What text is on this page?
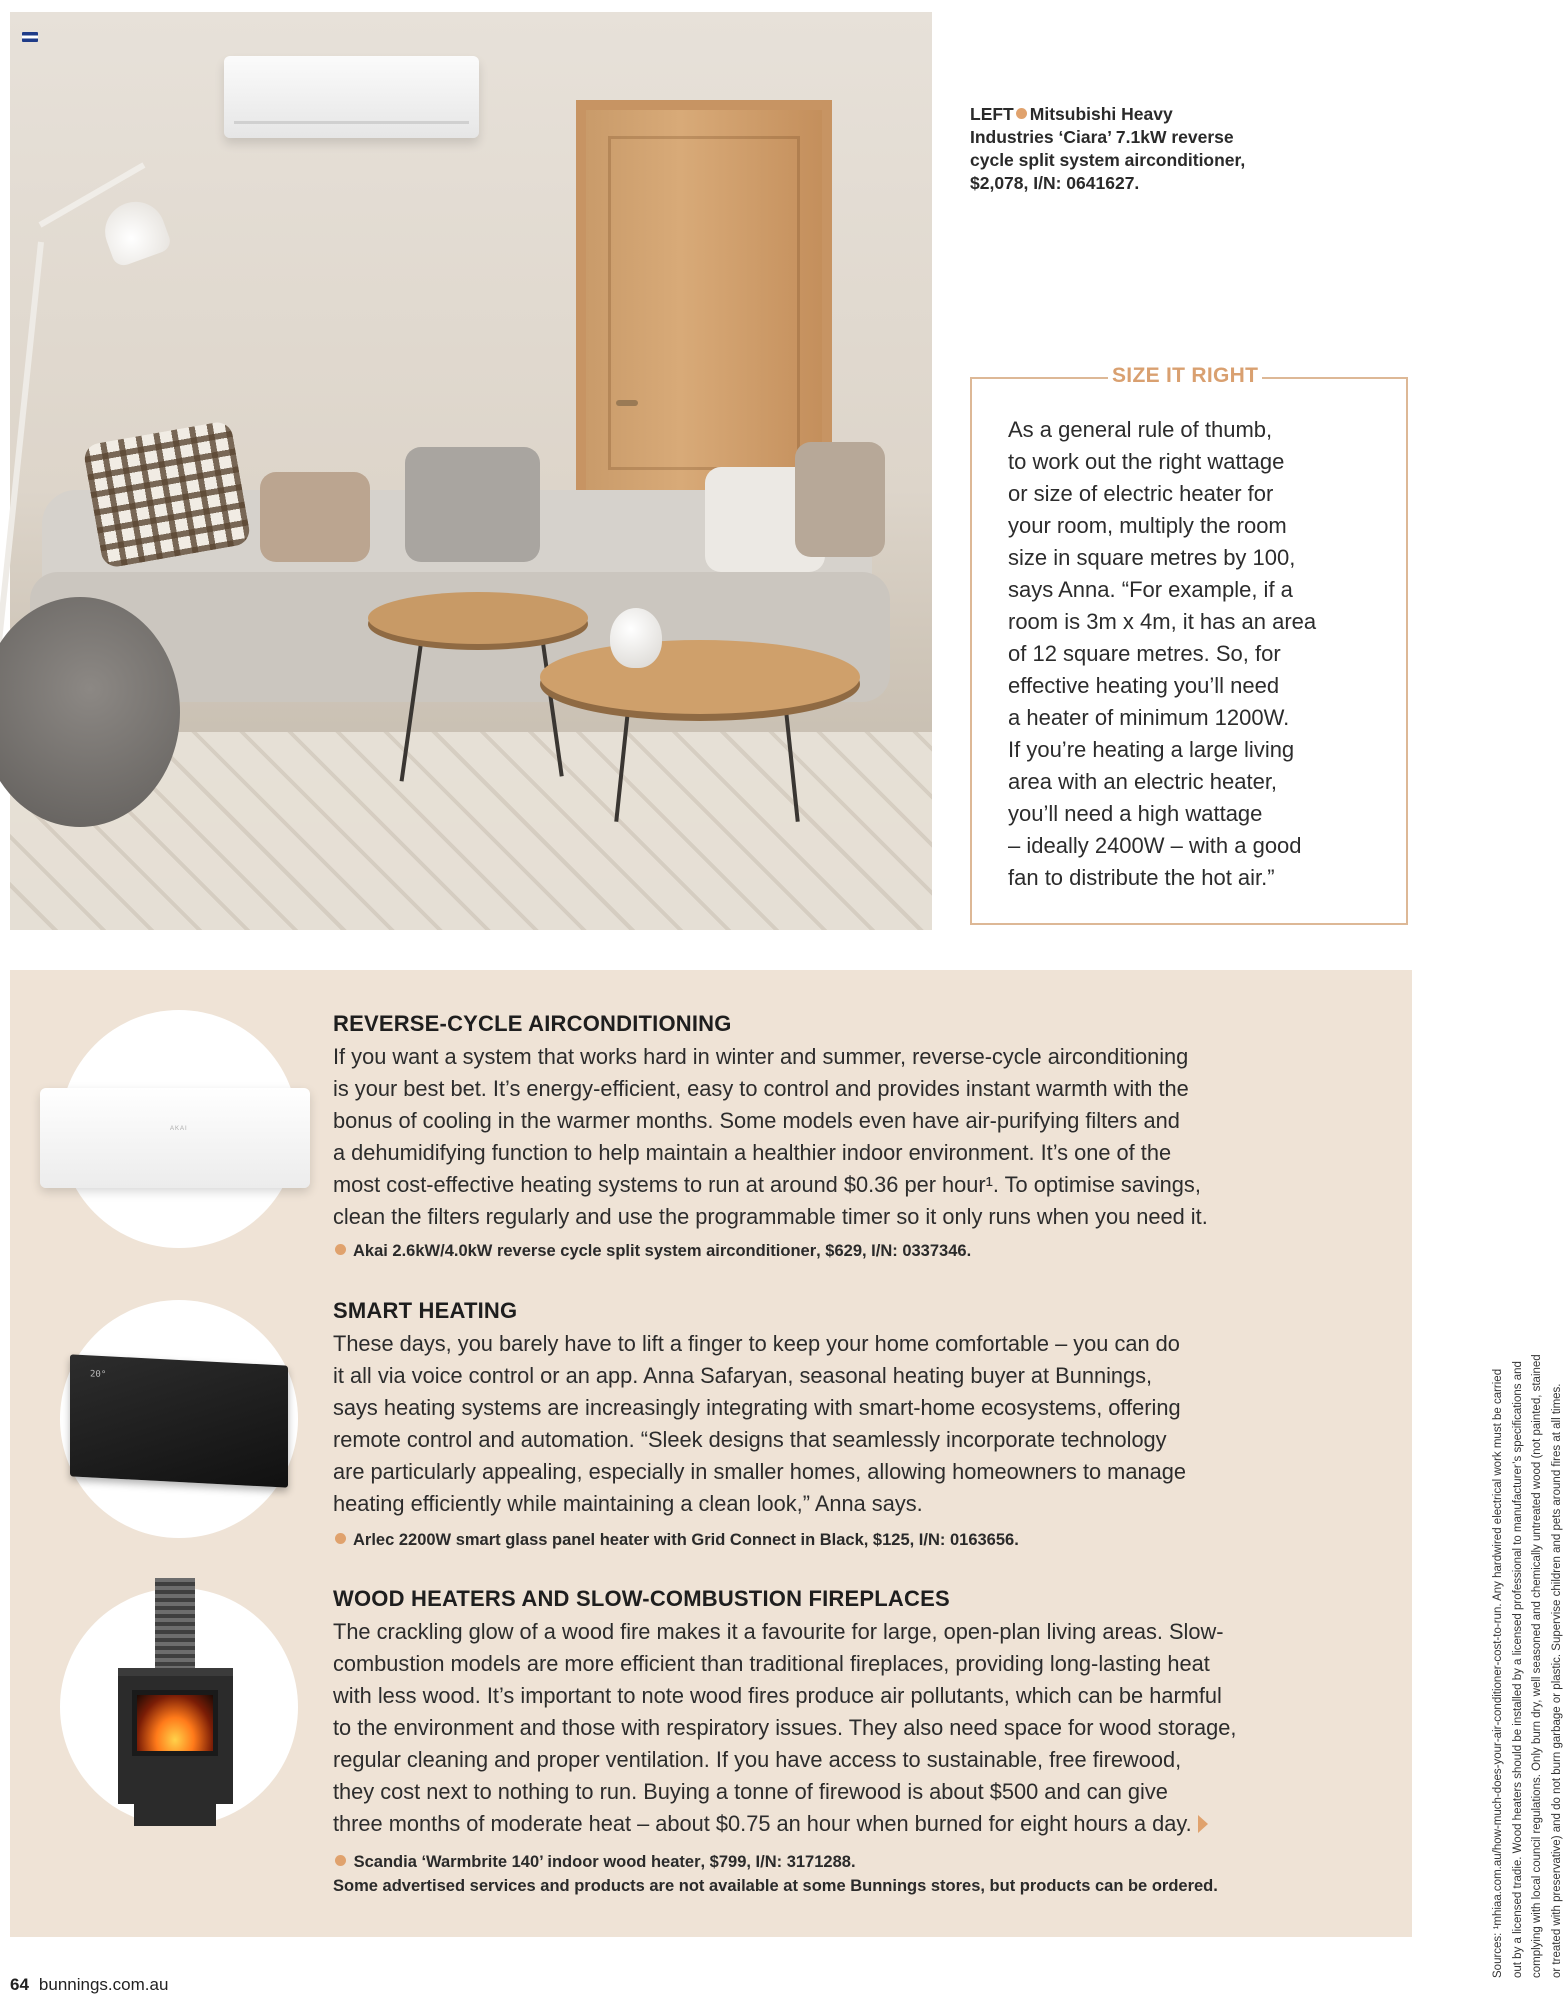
LEFT Mitsubishi Heavy
Industries ‘Ciara’ 7.1kW reverse
cycle split system airconditioner,
$2,078, I/N: 0641627.
SIZE IT RIGHT
As a general rule of thumb,
to work out the right wattage
or size of electric heater for
your room, multiply the room
size in square metres by 100,
says Anna. “For example, if a
room is 3m x 4m, it has an area
of 12 square metres. So, for
effective heating you’ll need
a heater of minimum 1200W.
If you’re heating a large living
area with an electric heater,
you’ll need a high wattage
– ideally 2400W – with a good
fan to distribute the hot air.”
AKAI
20°
REVERSE-CYCLE AIRCONDITIONING
If you want a system that works hard in winter and summer, reverse-cycle airconditioning
is your best bet. It’s energy-efficient, easy to control and provides instant warmth with the
bonus of cooling in the warmer months. Some models even have air-purifying filters and
a dehumidifying function to help maintain a healthier indoor environment. It’s one of the
most cost-effective heating systems to run at around $0.36 per hour¹. To optimise savings,
clean the filters regularly and use the programmable timer so it only runs when you need it.
Akai 2.6kW/4.0kW reverse cycle split system airconditioner, $629, I/N: 0337346.
SMART HEATING
These days, you barely have to lift a finger to keep your home comfortable – you can do
it all via voice control or an app. Anna Safaryan, seasonal heating buyer at Bunnings,
says heating systems are increasingly integrating with smart-home ecosystems, offering
remote control and automation. “Sleek designs that seamlessly incorporate technology
are particularly appealing, especially in smaller homes, allowing homeowners to manage
heating efficiently while maintaining a clean look,” Anna says.
Arlec 2200W smart glass panel heater with Grid Connect in Black, $125, I/N: 0163656.
WOOD HEATERS AND SLOW-COMBUSTION FIREPLACES
The crackling glow of a wood fire makes it a favourite for large, open-plan living areas. Slow-
combustion models are more efficient than traditional fireplaces, providing long-lasting heat
with less wood. It’s important to note wood fires produce air pollutants, which can be harmful
to the environment and those with respiratory issues. They also need space for wood storage,
regular cleaning and proper ventilation. If you have access to sustainable, free firewood,
they cost next to nothing to run. Buying a tonne of firewood is about $500 and can give
three months of moderate heat – about $0.75 an hour when burned for eight hours a day.
Scandia ‘Warmbrite 140’ indoor wood heater, $799, I/N: 3171288.
Some advertised services and products are not available at some Bunnings stores, but products can be ordered.	Sources: ¹mhiaa.com.au/how-much-does-your-air-conditioner-cost-to-run. Any hardwired electrical work must be carried out by a licensed tradie. Wood heaters should be installed by a licensed professional to manufacturer’s specifications and complying with local council regulations. Only burn dry, well seasoned and chemically untreated wood (not painted, stained or treated with preservative) and do not burn garbage or plastic. Supervise children and pets around fires at all times.
64 bunnings.com.au
